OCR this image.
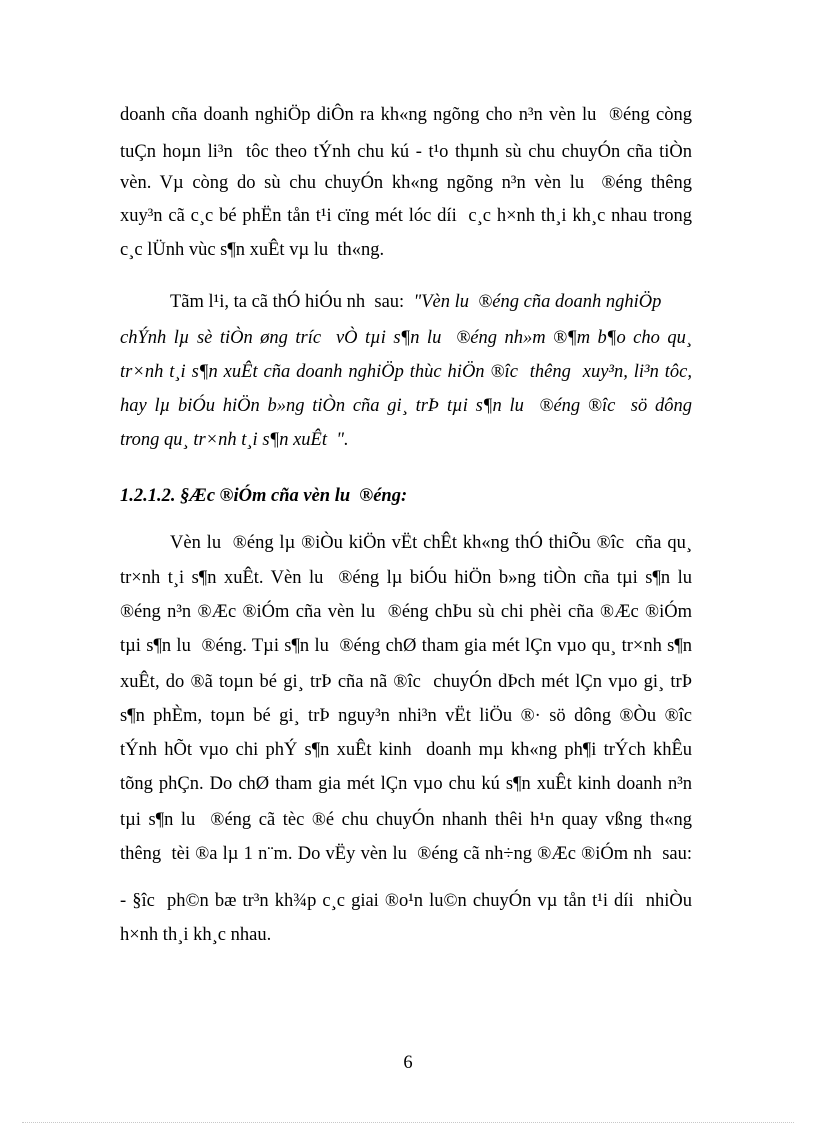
doanh cña doanh nghiÖp diÔn ra kh«ng ngõng cho n³n vèn lu  ®éng còng
tuÇn hoµn li³n  tôc theo tÝnh chu kú - t¹o thµnh sù chu chuyÓn cña tiÒn
vèn. Vµ còng do sù chu chuyÓn kh«ng ngõng n³n vèn lu  ®éng thêng
xuy³n cã c¸c bé phËn tån t¹i cïng mét lóc díi  c¸c h×nh th¸i kh¸c nhau trong
c¸c lÜnh vùc s¶n xuÊt vµ lu  th«ng.
Tãm l¹i, ta cã thÓ hiÓu nh  sau:  "Vèn lu  ®éng cña doanh nghiÖp
chÝnh lµ sè tiÒn øng tríc  vÒ tµi s¶n lu  ®éng nh»m ®¶m b¶o cho qu¸
tr×nh t¸i s¶n xuÊt cña doanh nghiÖp thùc hiÖn ®îc  thêng  xuy³n, li³n tôc,
hay lµ biÓu hiÖn b»ng tiÒn cña gi¸ trÞ tµi s¶n lu  ®éng ®îc  sö dông
trong qu¸ tr×nh t¸i s¶n xuÊt  ".
1.2.1.2. §Æc ®iÓm cña vèn lu  ®éng:
Vèn lu  ®éng lµ ®iÒu kiÖn vËt chÊt kh«ng thÓ thiÕu ®îc  cña qu¸
tr×nh t¸i s¶n xuÊt. Vèn lu  ®éng lµ biÓu hiÖn b»ng tiÒn cña tµi s¶n lu
®éng n³n ®Æc ®iÓm cña vèn lu  ®éng chÞu sù chi phèi cña ®Æc ®iÓm
tµi s¶n lu  ®éng. Tµi s¶n lu  ®éng chØ tham gia mét lÇn vµo qu¸ tr×nh s¶n
xuÊt, do ®ã toµn bé gi¸ trÞ cña nã ®îc  chuyÓn dÞch mét lÇn vµo gi¸ trÞ
s¶n phÈm, toµn bé gi¸ trÞ nguy³n nhi³n vËt liÖu ®· sö dông ®Òu ®îc
tÝnh hÕt vµo chi phÝ s¶n xuÊt kinh  doanh mµ kh«ng ph¶i trÝch khÊu
tõng phÇn. Do chØ tham gia mét lÇn vµo chu kú s¶n xuÊt kinh doanh n³n
tµi s¶n lu  ®éng cã tèc ®é chu chuyÓn nhanh thêi h¹n quay vßng th«ng
thêng  tèi ®a lµ 1 n¨m. Do vËy vèn lu  ®éng cã nh÷ng ®Æc ®iÓm nh  sau:
- §îc  ph©n bæ tr³n kh¾p c¸c giai ®o¹n lu©n chuyÓn vµ tån t¹i díi  nhiÒu
h×nh th¸i kh¸c nhau.
6
